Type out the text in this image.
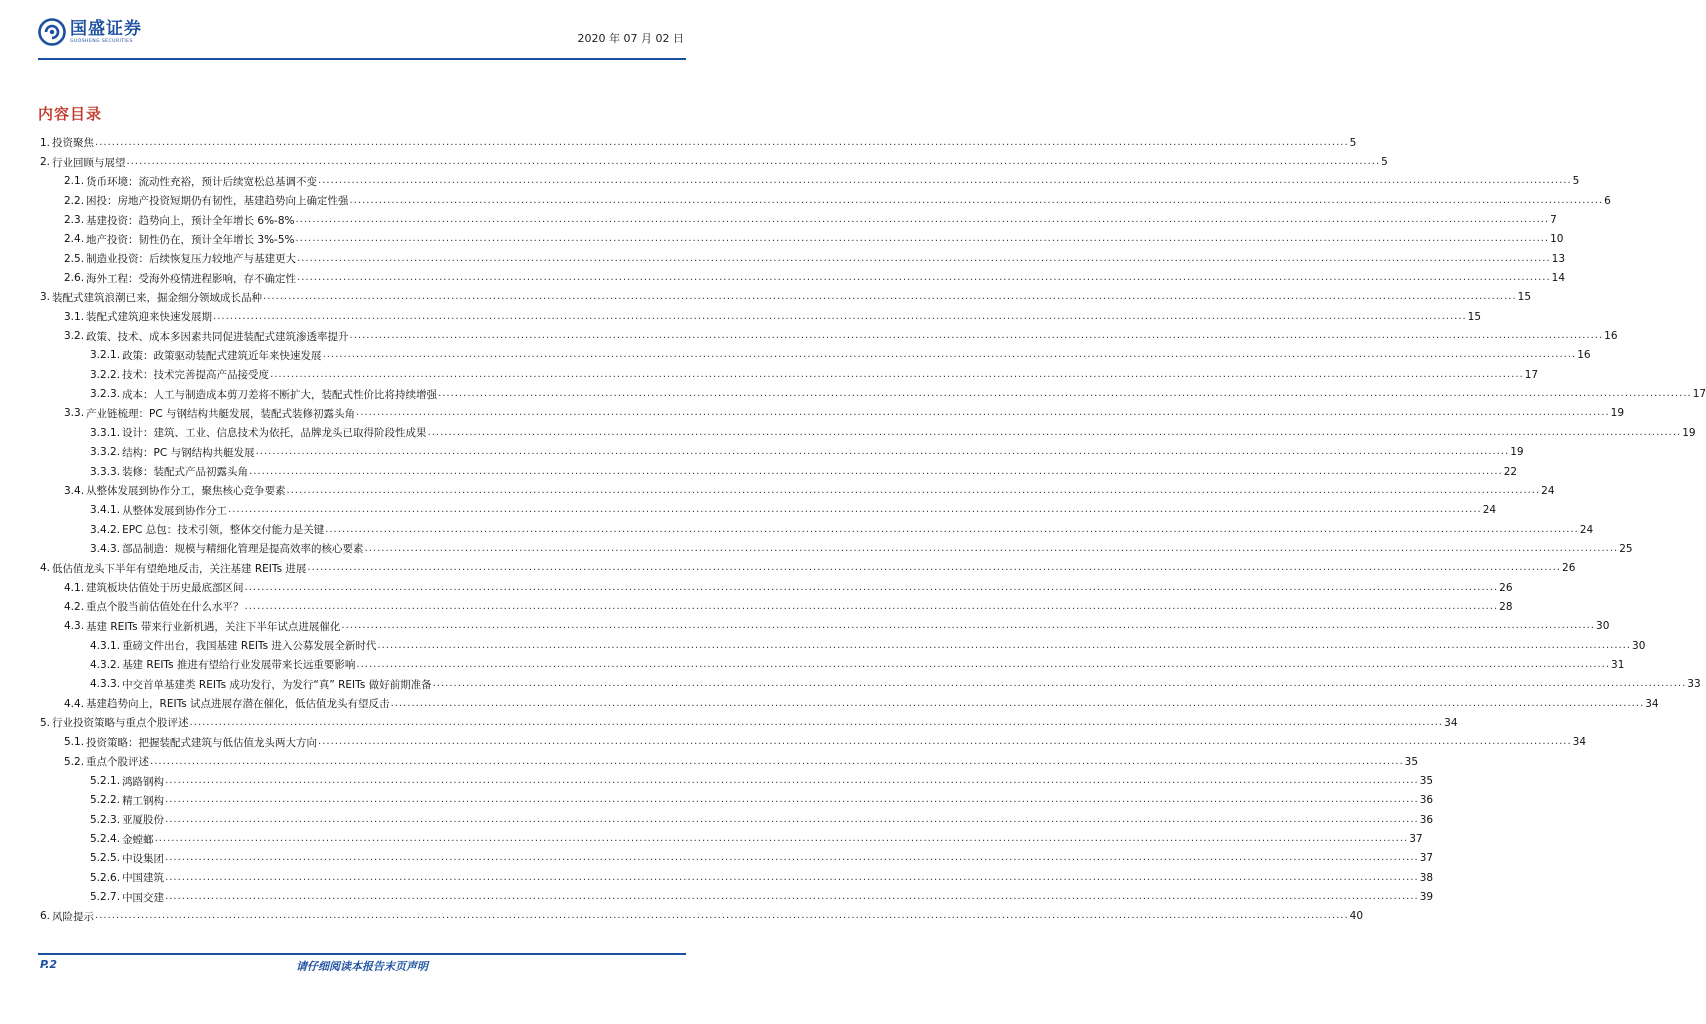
国盛证券
GUOSHENG SECURITIES	2020 年 07 月 02 日
内容目录
1. 投资聚焦 ............................................................................................................................................................................................................................................................................................................ 5
2. 行业回顾与展望 ............................................................................................................................................................................................................................................................................................................ 5
2.1. 货币环境：流动性充裕，预计后续宽松总基调不变 ............................................................................................................................................................................................................................................................................................................ 5
2.2. 困投：房地产投资短期仍有韧性，基建趋势向上确定性强 ............................................................................................................................................................................................................................................................................................................ 6
2.3. 基建投资：趋势向上，预计全年增长 6%-8% ............................................................................................................................................................................................................................................................................................................ 7
2.4. 地产投资：韧性仍在，预计全年增长 3%-5% ............................................................................................................................................................................................................................................................................................................ 10
2.5. 制造业投资：后续恢复压力较地产与基建更大 ............................................................................................................................................................................................................................................................................................................ 13
2.6. 海外工程：受海外疫情进程影响，存不确定性 ............................................................................................................................................................................................................................................................................................................ 14
3. 装配式建筑浪潮已来，掘金细分领域成长品种 ............................................................................................................................................................................................................................................................................................................ 15
3.1. 装配式建筑迎来快速发展期 ............................................................................................................................................................................................................................................................................................................ 15
3.2. 政策、技术、成本多因素共同促进装配式建筑渗透率提升 ............................................................................................................................................................................................................................................................................................................ 16
3.2.1. 政策：政策驱动装配式建筑近年来快速发展 ............................................................................................................................................................................................................................................................................................................ 16
3.2.2. 技术：技术完善提高产品接受度 ............................................................................................................................................................................................................................................................................................................ 17
3.2.3. 成本：人工与制造成本剪刀差将不断扩大，装配式性价比将持续增强 ............................................................................................................................................................................................................................................................................................................ 17
3.3. 产业链梳理：PC 与钢结构共艇发展，装配式装修初露头角 ............................................................................................................................................................................................................................................................................................................ 19
3.3.1. 设计：建筑、工业、信息技术为依托，品牌龙头已取得阶段性成果 ............................................................................................................................................................................................................................................................................................................ 19
3.3.2. 结构：PC 与钢结构共艇发展 ............................................................................................................................................................................................................................................................................................................ 19
3.3.3. 装修：装配式产品初露头角 ............................................................................................................................................................................................................................................................................................................ 22
3.4. 从整体发展到协作分工，聚焦核心竞争要素 ............................................................................................................................................................................................................................................................................................................ 24
3.4.1. 从整体发展到协作分工 ............................................................................................................................................................................................................................................................................................................ 24
3.4.2. EPC 总包：技术引领，整体交付能力是关键 ............................................................................................................................................................................................................................................................................................................ 24
3.4.3. 部品制造：规模与精细化管理是提高效率的核心要素 ............................................................................................................................................................................................................................................................................................................ 25
4. 低估值龙头下半年有望绝地反击，关注基建 REITs 进展 ............................................................................................................................................................................................................................................................................................................ 26
4.1. 建筑板块估值处于历史最底部区间 ............................................................................................................................................................................................................................................................................................................ 26
4.2. 重点个股当前估值处在什么水平？ ............................................................................................................................................................................................................................................................................................................ 28
4.3. 基建 REITs 带来行业新机遇，关注下半年试点进展催化 ............................................................................................................................................................................................................................................................................................................ 30
4.3.1. 重磅文件出台，我国基建 REITs 进入公募发展全新时代 ............................................................................................................................................................................................................................................................................................................ 30
4.3.2. 基建 REITs 推进有望给行业发展带来长远重要影响 ............................................................................................................................................................................................................................................................................................................ 31
4.3.3. 中交首单基建类 REITs 成功发行，为发行“真” REITs 做好前期准备 ............................................................................................................................................................................................................................................................................................................ 33
4.4. 基建趋势向上，REITs 试点进展存潜在催化，低估值龙头有望反击 ............................................................................................................................................................................................................................................................................................................ 34
5. 行业投资策略与重点个股评述 ............................................................................................................................................................................................................................................................................................................ 34
5.1. 投资策略：把握装配式建筑与低估值龙头两大方向 ............................................................................................................................................................................................................................................................................................................ 34
5.2. 重点个股评述 ............................................................................................................................................................................................................................................................................................................ 35
5.2.1. 鸿路钢构 ............................................................................................................................................................................................................................................................................................................ 35
5.2.2. 精工钢构 ............................................................................................................................................................................................................................................................................................................ 36
5.2.3. 亚厦股份 ............................................................................................................................................................................................................................................................................................................ 36
5.2.4. 金螳螂 ............................................................................................................................................................................................................................................................................................................ 37
5.2.5. 中设集团 ............................................................................................................................................................................................................................................................................................................ 37
5.2.6. 中国建筑 ............................................................................................................................................................................................................................................................................................................ 38
5.2.7. 中国交建 ............................................................................................................................................................................................................................................................................................................ 39
6. 风险提示 ............................................................................................................................................................................................................................................................................................................ 40
请仔细阅读本报告末页声明
P.2
